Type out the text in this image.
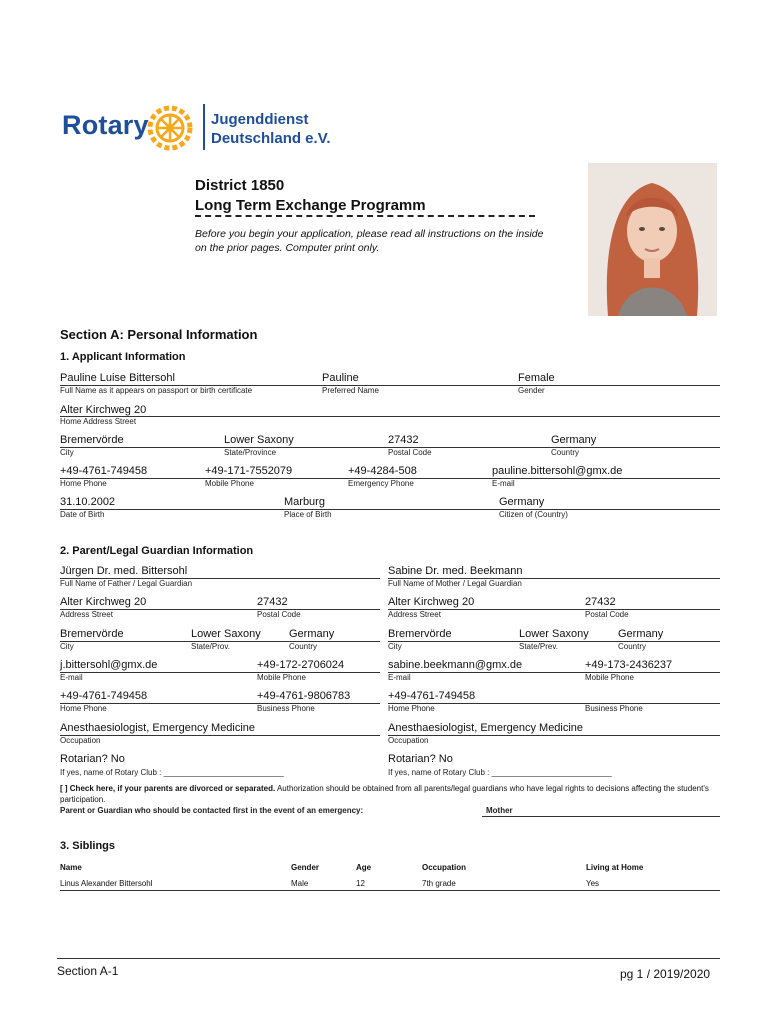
Rotary	Jugenddienst
Deutschland e.V.
District 1850
Long Term Exchange Programm
Before you begin your application, please read all instructions on the inside
on the prior pages. Computer print only.
Section A: Personal Information
1. Applicant Information
Pauline Luise Bittersohl	Pauline	Female
Full Name as it appears on passport or birth certificate	Preferred Name	Gender
Alter Kirchweg 20
Home Address Street
Bremervörde	Lower Saxony	27432	Germany
City	State/Province	Postal Code	Country
+49-4761-749458	+49-171-7552079	+49-4284-508	pauline.bittersohl@gmx.de
Home Phone	Mobile Phone	Emergency Phone	E-mail
31.10.2002	Marburg	Germany
Date of Birth	Place of Birth	Citizen of (Country)
2. Parent/Legal Guardian Information
Jürgen Dr. med. Bittersohl	Sabine Dr. med. Beekmann
Full Name of Father / Legal Guardian	Full Name of Mother / Legal Guardian
Alter Kirchweg 20	27432	Alter Kirchweg 20	27432
Address Street	Postal Code	Address Street	Postal Code
Bremervörde	Lower Saxony	Germany	Bremervörde	Lower Saxony	Germany
City	State/Prov.	Country	City	State/Prev.	Country
j.bittersohl@gmx.de	+49-172-2706024	sabine.beekmann@gmx.de	+49-173-2436237
E-mail	Mobile Phone	E-mail	Mobile Phone
+49-4761-749458	+49-4761-9806783	+49-4761-749458
Home Phone	Business Phone	Home Phone	Business Phone
Anesthaesiologist, Emergency Medicine	Anesthaesiologist, Emergency Medicine
Occupation	Occupation
Rotarian? No	Rotarian? No
If yes, name of Rotary Club : ___________________________	If yes, name of Rotary Club : ___________________________
[ ] Check here, if your parents are divorced or separated. Authorization should be obtained from all parents/legal guardians who have legal rights to decisions affecting the student's participation.
Parent or Guardian who should be contacted first in the event of an emergency:	Mother
3. Siblings
Name	Gender	Age	Occupation	Living at Home
Linus Alexander Bittersohl	Male	12	7th grade	Yes
Section A-1	pg 1 / 2019/2020
